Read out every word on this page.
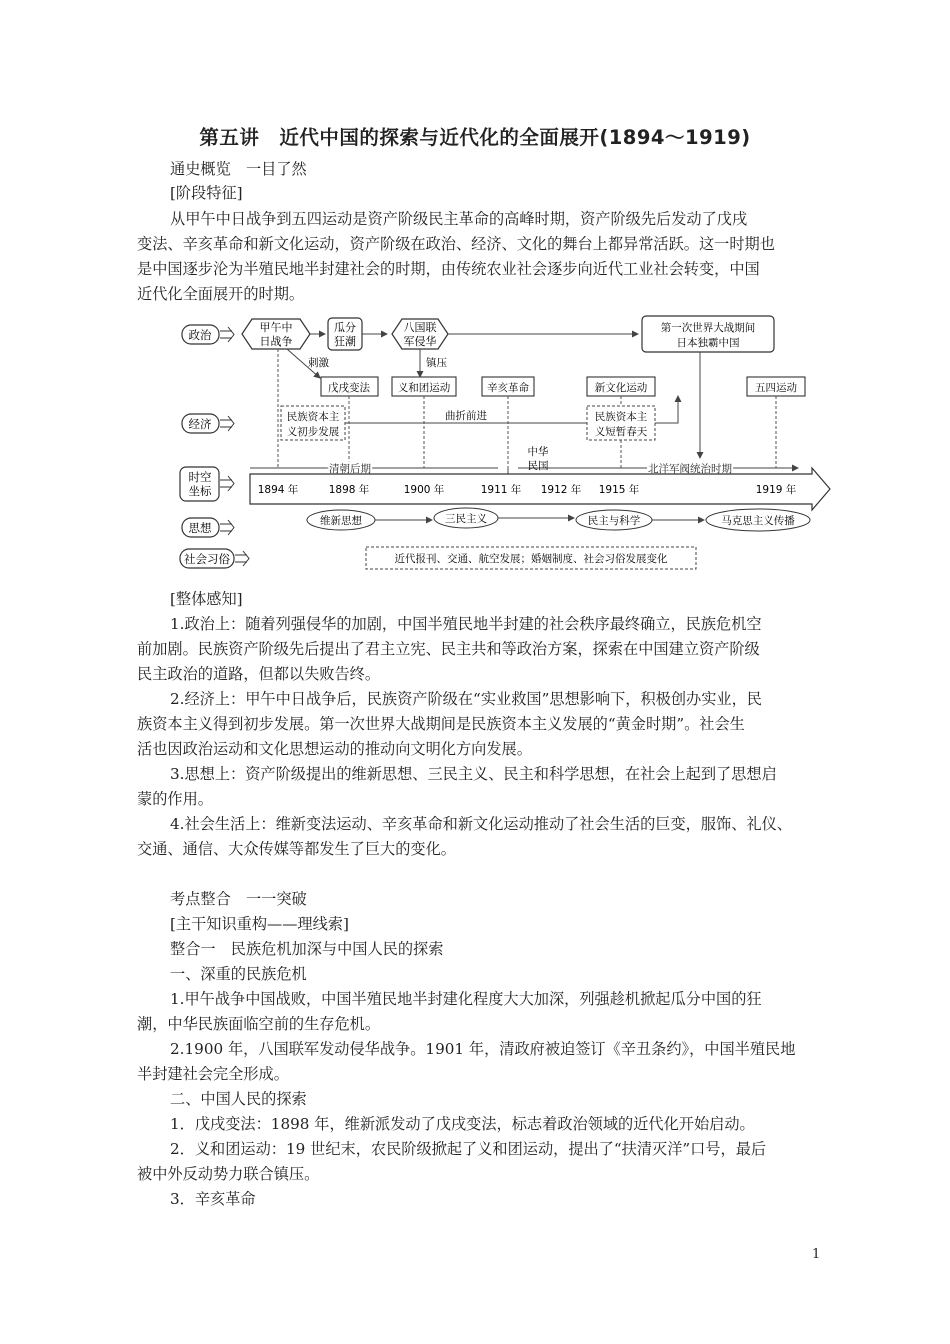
第五讲　近代中国的探索与近代化的全面展开(1894～1919)
通史概览　一目了然
[阶段特征]
从甲午中日战争到五四运动是资产阶级民主革命的高峰时期，资产阶级先后发动了戊戌
变法、辛亥革命和新文化运动，资产阶级在政治、经济、文化的舞台上都异常活跃。这一时期也
是中国逐步沦为半殖民地半封建社会的时期，由传统农业社会逐步向近代工业社会转变，中国
近代化全面展开的时期。
政治
经济
时空
坐标
思想
社会习俗
甲午中
日战争
瓜分
狂潮
八国联
军侵华
第一次世界大战期间
日本独霸中国
刺激	镇压
戊戌变法	义和团运动	辛亥革命	新文化运动	五四运动
民族资本主
义初步发展
曲折前进	民族资本主
义短暂春天
清朝后期	北洋军阀统治时期
中华
民国
1894 年	1898 年	1900 年	1911 年 1912 年 1915 年	1919 年
维新思想	三民主义	民主与科学	马克思主义传播
近代报刊、交通、航空发展；婚姻制度、社会习俗发展变化
[整体感知]
1.政治上：随着列强侵华的加剧，中国半殖民地半封建的社会秩序最终确立，民族危机空
前加剧。民族资产阶级先后提出了君主立宪、民主共和等政治方案，探索在中国建立资产阶级
民主政治的道路，但都以失败告终。
2.经济上：甲午中日战争后，民族资产阶级在“实业救国”思想影响下，积极创办实业，民
族资本主义得到初步发展。第一次世界大战期间是民族资本主义发展的“黄金时期”。社会生
活也因政治运动和文化思想运动的推动向文明化方向发展。
3.思想上：资产阶级提出的维新思想、三民主义、民主和科学思想，在社会上起到了思想启
蒙的作用。
4.社会生活上：维新变法运动、辛亥革命和新文化运动推动了社会生活的巨变，服饰、礼仪、
交通、通信、大众传媒等都发生了巨大的变化。
考点整合　一一突破
[主干知识重构——理线索]
整合一　民族危机加深与中国人民的探索
一、深重的民族危机
1.甲午战争中国战败，中国半殖民地半封建化程度大大加深，列强趁机掀起瓜分中国的狂
潮，中华民族面临空前的生存危机。
2.1900 年，八国联军发动侵华战争。1901 年，清政府被迫签订《辛丑条约》，中国半殖民地
半封建社会完全形成。
二、中国人民的探索
1．戊戌变法：1898 年，维新派发动了戊戌变法，标志着政治领域的近代化开始启动。
2．义和团运动：19 世纪末，农民阶级掀起了义和团运动，提出了“扶清灭洋”口号，最后
被中外反动势力联合镇压。
3．辛亥革命
1
